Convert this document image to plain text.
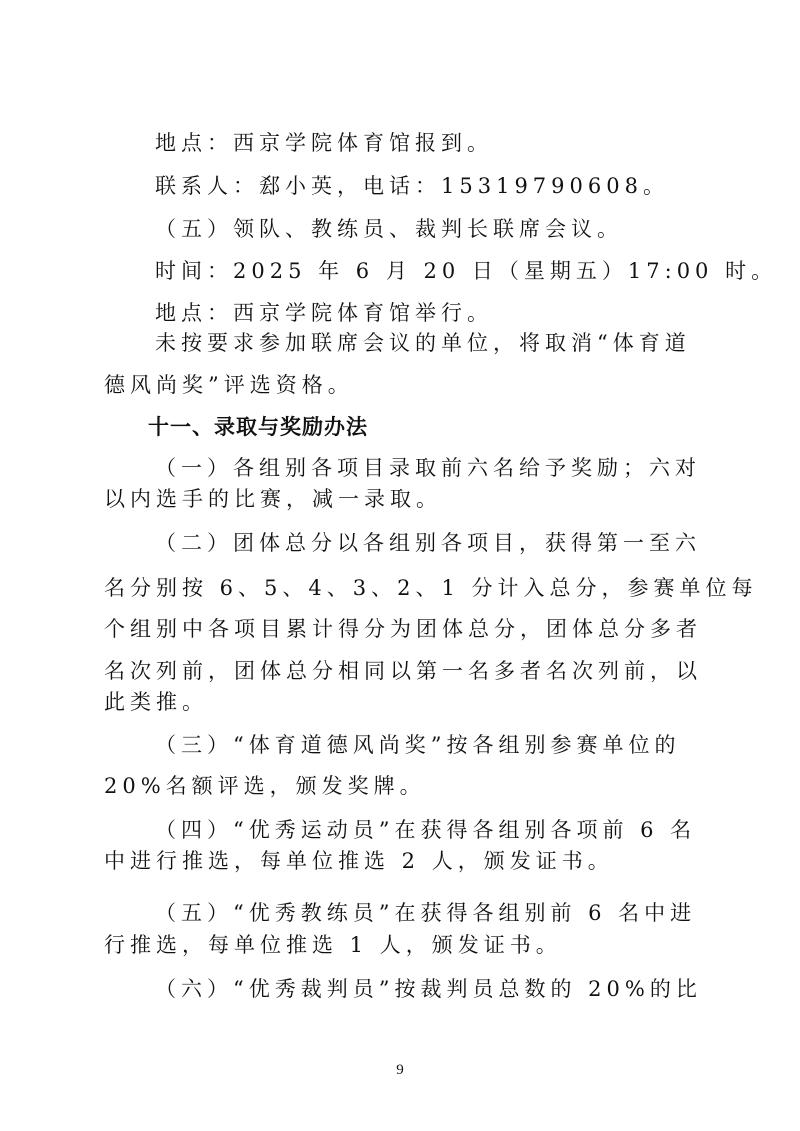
地点：西京学院体育馆报到。
联系人：郄小英，电话：15319790608。
（五）领队、教练员、裁判长联席会议。
时间：2025 年 6 月 20 日（星期五）17:00 时。
地点：西京学院体育馆举行。
未按要求参加联席会议的单位，将取消“体育道
德风尚奖”评选资格。
十一、录取与奖励办法
（一）各组别各项目录取前六名给予奖励；六对
以内选手的比赛，减一录取。
（二）团体总分以各组别各项目，获得第一至六
名分别按 6、5、4、3、2、1 分计入总分，参赛单位每
个组别中各项目累计得分为团体总分，团体总分多者
名次列前，团体总分相同以第一名多者名次列前，以
此类推。
（三）“体育道德风尚奖”按各组别参赛单位的
20%名额评选，颁发奖牌。
（四）“优秀运动员”在获得各组别各项前 6 名
中进行推选，每单位推选 2 人，颁发证书。
（五）“优秀教练员”在获得各组别前 6 名中进
行推选，每单位推选 1 人，颁发证书。
（六）“优秀裁判员”按裁判员总数的 20%的比
9
